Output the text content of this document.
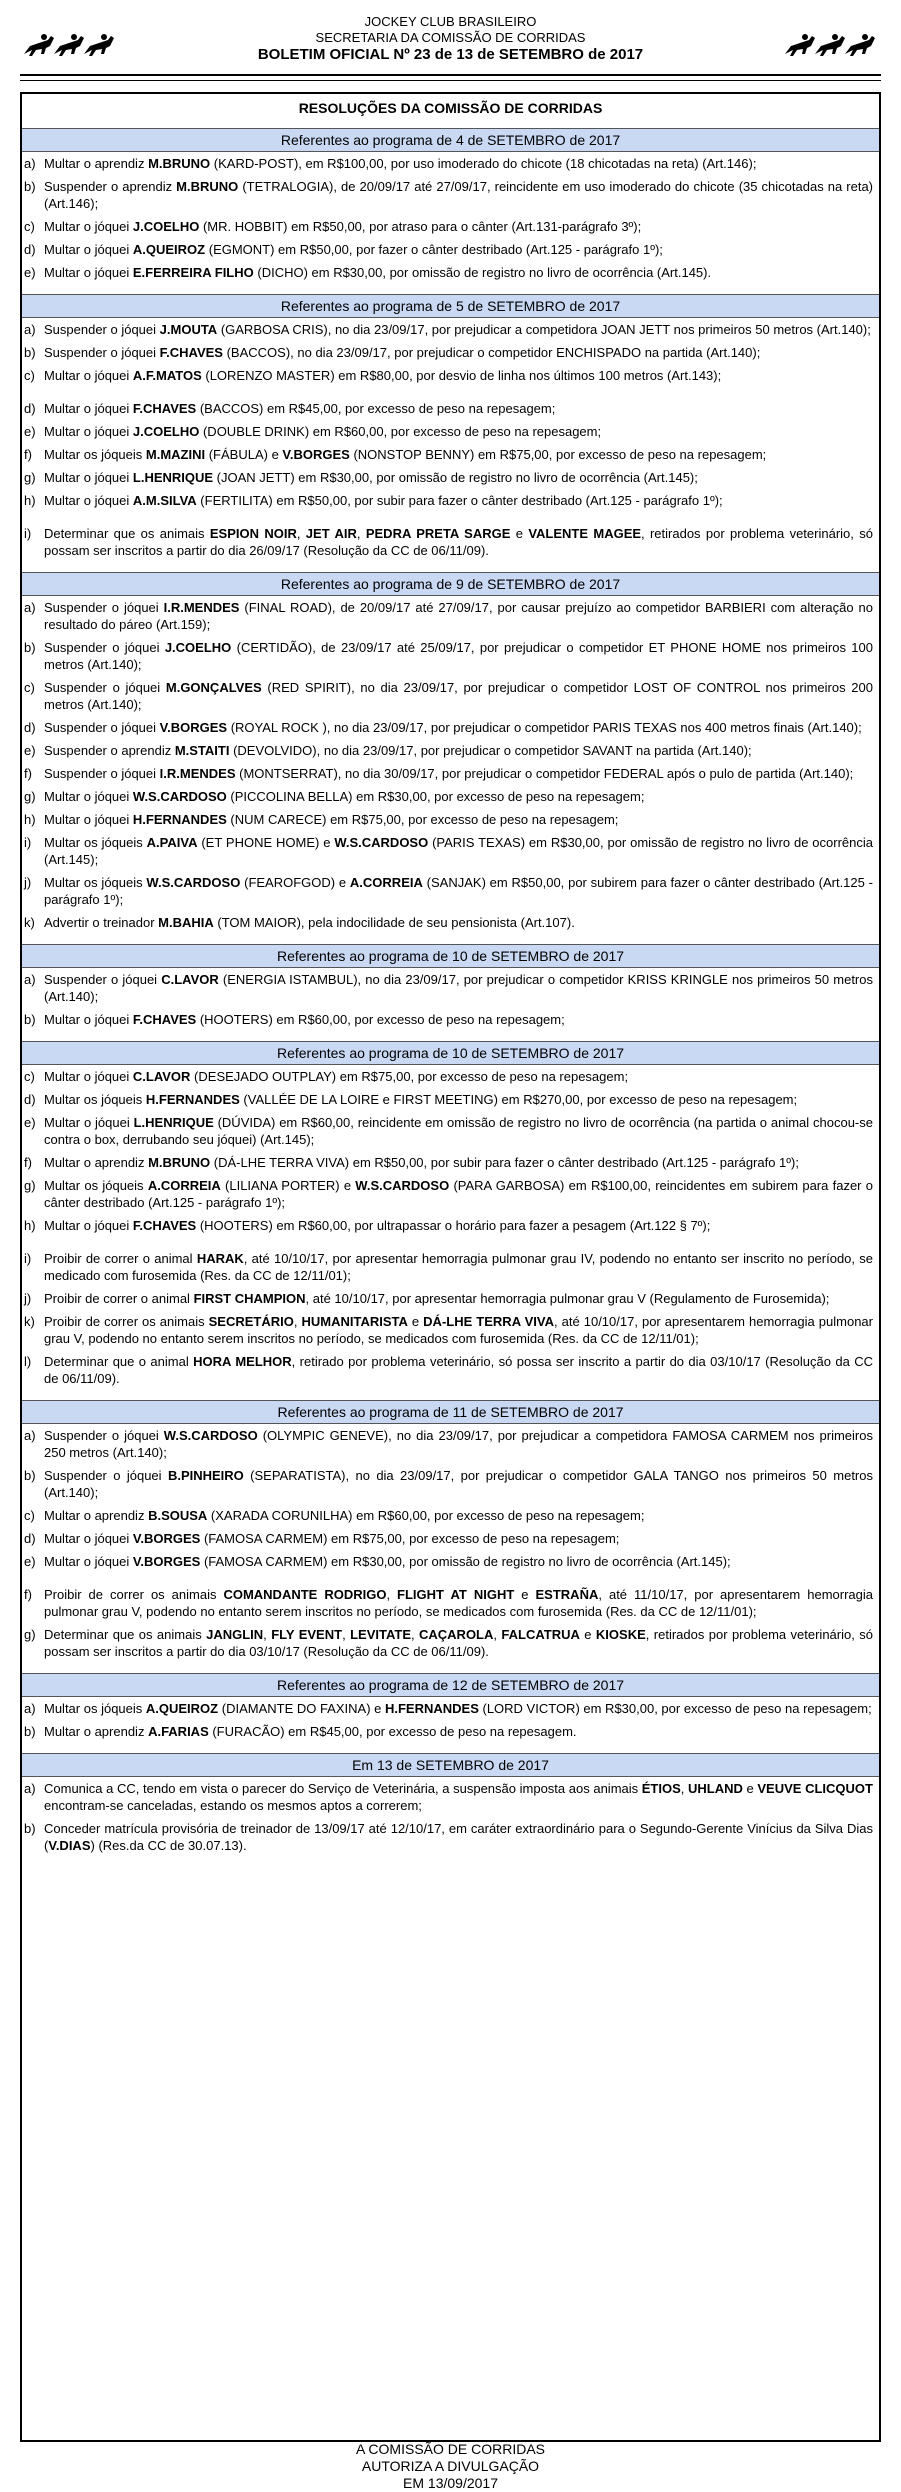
JOCKEY CLUB BRASILEIRO
SECRETARIA DA COMISSÃO DE CORRIDAS
BOLETIM OFICIAL Nº 23 de 13 de SETEMBRO de 2017
RESOLUÇÕES DA COMISSÃO DE CORRIDAS
Referentes ao programa de 4 de SETEMBRO de 2017
a) Multar o aprendiz M.BRUNO (KARD-POST), em R$100,00, por uso imoderado do chicote (18 chicotadas na reta) (Art.146);
b) Suspender o aprendiz M.BRUNO (TETRALOGIA), de 20/09/17 até 27/09/17, reincidente em uso imoderado do chicote (35 chicotadas na reta) (Art.146);
c) Multar o jóquei J.COELHO (MR. HOBBIT) em R$50,00, por atraso para o cânter (Art.131-parágrafo 3º);
d) Multar o jóquei A.QUEIROZ (EGMONT) em R$50,00, por fazer o cânter destribado (Art.125 - parágrafo 1º);
e) Multar o jóquei E.FERREIRA FILHO (DICHO) em R$30,00, por omissão de registro no livro de ocorrência (Art.145).
Referentes ao programa de 5 de SETEMBRO de 2017
a) Suspender o jóquei J.MOUTA (GARBOSA CRIS), no dia 23/09/17, por prejudicar a competidora JOAN JETT nos primeiros 50 metros (Art.140);
b) Suspender o jóquei F.CHAVES (BACCOS), no dia 23/09/17, por prejudicar o competidor ENCHISPADO na partida (Art.140);
c) Multar o jóquei A.F.MATOS (LORENZO MASTER) em R$80,00, por desvio de linha nos últimos 100 metros (Art.143);
d) Multar o jóquei F.CHAVES (BACCOS) em R$45,00, por excesso de peso na repesagem;
e) Multar o jóquei J.COELHO (DOUBLE DRINK) em R$60,00, por excesso de peso na repesagem;
f) Multar os jóqueis M.MAZINI (FÁBULA) e V.BORGES (NONSTOP BENNY) em R$75,00, por excesso de peso na repesagem;
g) Multar o jóquei L.HENRIQUE (JOAN JETT) em R$30,00, por omissão de registro no livro de ocorrência (Art.145);
h) Multar o jóquei A.M.SILVA (FERTILITA) em R$50,00, por subir para fazer o cânter destribado (Art.125 - parágrafo 1º);
i) Determinar que os animais ESPION NOIR, JET AIR, PEDRA PRETA SARGE e VALENTE MAGEE, retirados por problema veterinário, só possam ser inscritos a partir do dia 26/09/17 (Resolução da CC de 06/11/09).
Referentes ao programa de 9 de SETEMBRO de 2017
a) Suspender o jóquei I.R.MENDES (FINAL ROAD), de 20/09/17 até 27/09/17, por causar prejuízo ao competidor BARBIERI com alteração no resultado do páreo (Art.159);
b) Suspender o jóquei J.COELHO (CERTIDÃO), de 23/09/17 até 25/09/17, por prejudicar o competidor ET PHONE HOME nos primeiros 100 metros (Art.140);
c) Suspender o jóquei M.GONÇALVES (RED SPIRIT), no dia 23/09/17, por prejudicar o competidor LOST OF CONTROL nos primeiros 200 metros (Art.140);
d) Suspender o jóquei V.BORGES (ROYAL ROCK ), no dia 23/09/17, por prejudicar o competidor PARIS TEXAS nos 400 metros finais (Art.140);
e) Suspender o aprendiz M.STAITI (DEVOLVIDO), no dia 23/09/17, por prejudicar o competidor SAVANT na partida (Art.140);
f) Suspender o jóquei I.R.MENDES (MONTSERRAT), no dia 30/09/17, por prejudicar o competidor FEDERAL após o pulo de partida (Art.140);
g) Multar o jóquei W.S.CARDOSO (PICCOLINA BELLA) em R$30,00, por excesso de peso na repesagem;
h) Multar o jóquei H.FERNANDES (NUM CARECE) em R$75,00, por excesso de peso na repesagem;
i) Multar os jóqueis A.PAIVA (ET PHONE HOME) e W.S.CARDOSO (PARIS TEXAS) em R$30,00, por omissão de registro no livro de ocorrência (Art.145);
j) Multar os jóqueis W.S.CARDOSO (FEAROFGOD) e A.CORREIA (SANJAK) em R$50,00, por subirem para fazer o cânter destribado (Art.125 - parágrafo 1º);
k) Advertir o treinador M.BAHIA (TOM MAIOR), pela indocilidade de seu pensionista (Art.107).
Referentes ao programa de 10 de SETEMBRO de 2017
a) Suspender o jóquei C.LAVOR (ENERGIA ISTAMBUL), no dia 23/09/17, por prejudicar o competidor KRISS KRINGLE nos primeiros 50 metros (Art.140);
b) Multar o jóquei F.CHAVES (HOOTERS) em R$60,00, por excesso de peso na repesagem;
Referentes ao programa de 10 de SETEMBRO de 2017
c) Multar o jóquei C.LAVOR (DESEJADO OUTPLAY) em R$75,00, por excesso de peso na repesagem;
d) Multar os jóqueis H.FERNANDES (VALLÉE DE LA LOIRE e FIRST MEETING) em R$270,00, por excesso de peso na repesagem;
e) Multar o jóquei L.HENRIQUE (DÚVIDA) em R$60,00, reincidente em omissão de registro no livro de ocorrência (na partida o animal chocou-se contra o box, derrubando seu jóquei) (Art.145);
f) Multar o aprendiz M.BRUNO (DÁ-LHE TERRA VIVA) em R$50,00, por subir para fazer o cânter destribado (Art.125 - parágrafo 1º);
g) Multar os jóqueis A.CORREIA (LILIANA PORTER) e W.S.CARDOSO (PARA GARBOSA) em R$100,00, reincidentes em subirem para fazer o cânter destribado (Art.125 - parágrafo 1º);
h) Multar o jóquei F.CHAVES (HOOTERS) em R$60,00, por ultrapassar o horário para fazer a pesagem (Art.122 § 7º);
i) Proibir de correr o animal HARAK, até 10/10/17, por apresentar hemorragia pulmonar grau IV, podendo no entanto ser inscrito no período, se medicado com furosemida (Res. da CC de 12/11/01);
j) Proibir de correr o animal FIRST CHAMPION, até 10/10/17, por apresentar hemorragia pulmonar grau V (Regulamento de Furosemida);
k) Proibir de correr os animais SECRETÁRIO, HUMANITARISTA e DÁ-LHE TERRA VIVA, até 10/10/17, por apresentarem hemorragia pulmonar grau V, podendo no entanto serem inscritos no período, se medicados com furosemida (Res. da CC de 12/11/01);
l) Determinar que o animal HORA MELHOR, retirado por problema veterinário, só possa ser inscrito a partir do dia 03/10/17 (Resolução da CC de 06/11/09).
Referentes ao programa de 11 de SETEMBRO de 2017
a) Suspender o jóquei W.S.CARDOSO (OLYMPIC GENEVE), no dia 23/09/17, por prejudicar a competidora FAMOSA CARMEM nos primeiros 250 metros (Art.140);
b) Suspender o jóquei B.PINHEIRO (SEPARATISTA), no dia 23/09/17, por prejudicar o competidor GALA TANGO nos primeiros 50 metros (Art.140);
c) Multar o aprendiz B.SOUSA (XARADA CORUNILHA) em R$60,00, por excesso de peso na repesagem;
d) Multar o jóquei V.BORGES (FAMOSA CARMEM) em R$75,00, por excesso de peso na repesagem;
e) Multar o jóquei V.BORGES (FAMOSA CARMEM) em R$30,00, por omissão de registro no livro de ocorrência (Art.145);
f) Proibir de correr os animais COMANDANTE RODRIGO, FLIGHT AT NIGHT e ESTRAÑA, até 11/10/17, por apresentarem hemorragia pulmonar grau V, podendo no entanto serem inscritos no período, se medicados com furosemida (Res. da CC de 12/11/01);
g) Determinar que os animais JANGLIN, FLY EVENT, LEVITATE, CAÇAROLA, FALCATRUA e KIOSKE, retirados por problema veterinário, só possam ser inscritos a partir do dia 03/10/17 (Resolução da CC de 06/11/09).
Referentes ao programa de 12 de SETEMBRO de 2017
a) Multar os jóqueis A.QUEIROZ (DIAMANTE DO FAXINA) e H.FERNANDES (LORD VICTOR) em R$30,00, por excesso de peso na repesagem;
b) Multar o aprendiz A.FARIAS (FURACÃO) em R$45,00, por excesso de peso na repesagem.
Em 13 de SETEMBRO de 2017
a) Comunica a CC, tendo em vista o parecer do Serviço de Veterinária, a suspensão imposta aos animais ÉTIOS, UHLAND e VEUVE CLICQUOT encontram-se canceladas, estando os mesmos aptos a correrem;
b) Conceder matrícula provisória de treinador de 13/09/17 até 12/10/17, em caráter extraordinário para o Segundo-Gerente Vinícius da Silva Dias (V.DIAS) (Res.da CC de 30.07.13).
A COMISSÃO DE CORRIDAS
AUTORIZA A DIVULGAÇÃO
EM 13/09/2017
